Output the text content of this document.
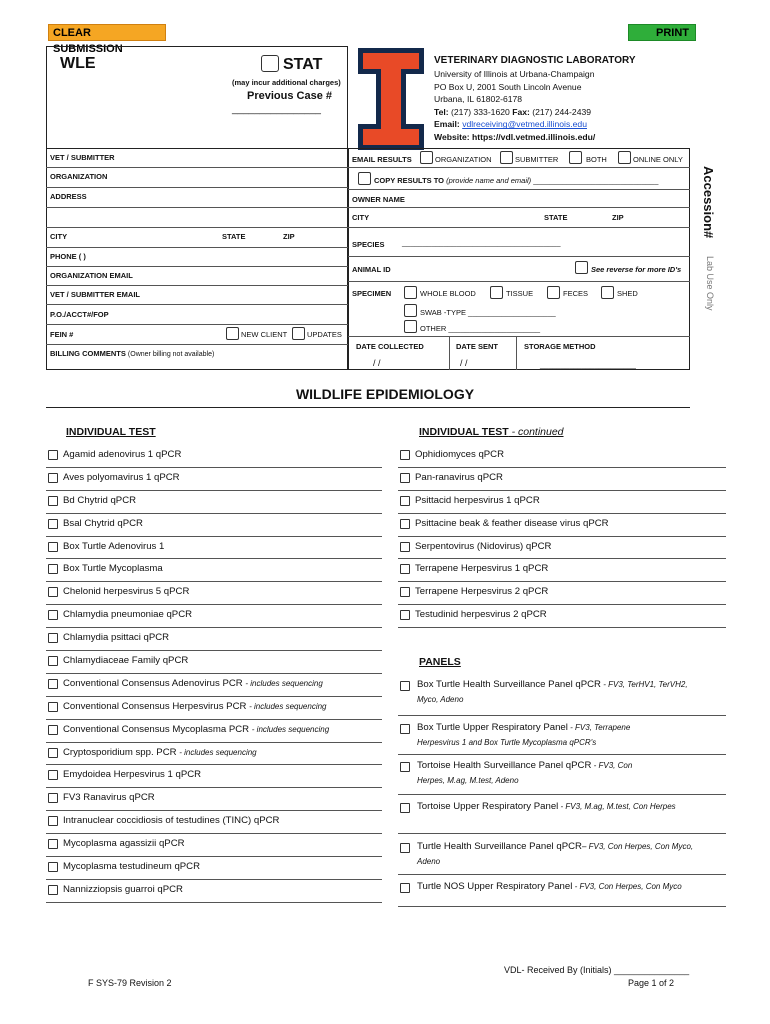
CLEAR SUBMISSION
PRINT
WLE	STAT
(may incur additional charges)
Previous Case #
________________
VETERINARY DIAGNOSTIC LABORATORY
University of Illinois at Urbana-Champaign
PO Box U, 2001 South Lincoln Avenue
Urbana, IL 61802-6178
Tel: (217) 333-1620 Fax: (217) 244-2439
Email: vdlreceiving@vetmed.illinois.edu
Website: https://vdl.vetmed.illinois.edu/
Accession#
Lab Use Only
VET / SUBMITTER
ORGANIZATION
ADDRESS
CITY	STATE	ZIP
PHONE ( )
ORGANIZATION EMAIL
VET / SUBMITTER EMAIL
P.O./ACCT#/FOP
FEIN #	NEW CLIENT	UPDATES
BILLING COMMENTS (Owner billing not available)
EMAIL RESULTS	ORGANIZATION	SUBMITTER	BOTH	ONLINE ONLY
COPY RESULTS TO (provide name and email) ______________________________
OWNER NAME
CITY	STATE	ZIP
SPECIES ______________________________________
ANIMAL ID	See reverse for more ID's
SPECIMEN	WHOLE BLOOD	TISSUE	FECES	SHED
SWAB -TYPE _____________________
OTHER ______________________
DATE COLLECTED	DATE SENT	STORAGE METHOD
/ /	/ /	_______________________
WILDLIFE EPIDEMIOLOGY
INDIVIDUAL TEST	INDIVIDUAL TEST - continued
Agamid adenovirus 1 qPCR
Aves polyomavirus 1 qPCR
Bd Chytrid qPCR
Bsal Chytrid qPCR
Box Turtle Adenovirus 1
Box Turtle Mycoplasma
Chelonid herpesvirus 5 qPCR
Chlamydia pneumoniae qPCR
Chlamydia psittaci qPCR
Chlamydiaceae Family qPCR
Conventional Consensus Adenovirus PCR - includes sequencing
Conventional Consensus Herpesvirus PCR - includes sequencing
Conventional Consensus Mycoplasma PCR - includes sequencing
Cryptosporidium spp. PCR - includes sequencing
Emydoidea Herpesvirus 1 qPCR
FV3 Ranavirus qPCR
Intranuclear coccidiosis of testudines (TINC) qPCR
Mycoplasma agassizii qPCR
Mycoplasma testudineum qPCR
Nannizziopsis guarroi qPCR
Ophidiomyces qPCR
Pan-ranavirus qPCR
Psittacid herpesvirus 1 qPCR
Psittacine beak & feather disease virus qPCR
Serpentovirus (Nidovirus) qPCR
Terrapene Herpesvirus 1 qPCR
Terrapene Herpesvirus 2 qPCR
Testudinid herpesvirus 2 qPCR
PANELS
Box Turtle Health Surveillance Panel qPCR - FV3, TerHV1, TerVH2,
Myco, Adeno
Box Turtle Upper Respiratory Panel - FV3, Terrapene
Herpesvirus 1 and Box Turtle Mycoplasma qPCR's
Tortoise Health Surveillance Panel qPCR - FV3, Con
Herpes, M.ag, M.test, Adeno
Tortoise Upper Respiratory Panel - FV3, M.ag, M.test, Con Herpes
Turtle Health Surveillance Panel qPCR– FV3, Con Herpes, Con Myco,
Adeno
Turtle NOS Upper Respiratory Panel - FV3, Con Herpes, Con Myco
VDL- Received By (Initials) _______________
F SYS-79 Revision 2	Page 1 of 2
